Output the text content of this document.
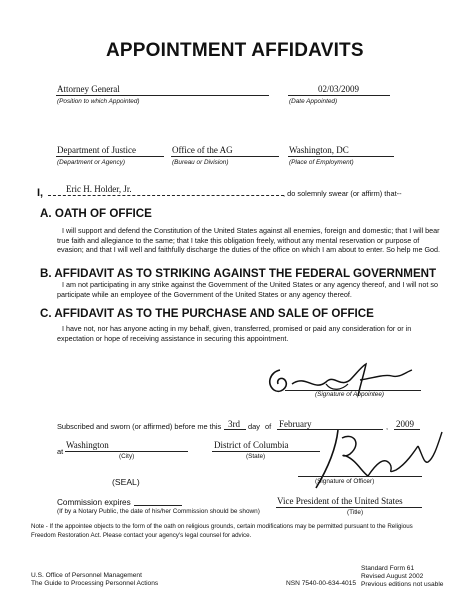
APPOINTMENT AFFIDAVITS
Attorney General
(Position to which Appointed)
02/03/2009
(Date Appointed)
Department of Justice
(Department or Agency)
Office of the AG
(Bureau or Division)
Washington, DC
(Place of Employment)
I,	Eric H. Holder, Jr.	, do solemnly swear (or affirm) that--
A. OATH OF OFFICE
I will support and defend the Constitution of the United States against all enemies, foreign and domestic; that I will bear true faith and allegiance to the same; that I take this obligation freely, without any mental reservation or purpose of evasion; and that I will well and faithfully discharge the duties of the office on which I am about to enter. So help me God.
B. AFFIDAVIT AS TO STRIKING AGAINST THE FEDERAL GOVERNMENT
I am not participating in any strike against the Government of the United States or any agency thereof, and I will not so participate while an employee of the Government of the United States or any agency thereof.
C. AFFIDAVIT AS TO THE PURCHASE AND SALE OF OFFICE
I have not, nor has anyone acting in my behalf, given, transferred, promised or paid any consideration for or in expectation or hope of receiving assistance in securing this appointment.
(Signature of Appointee)
Subscribed and sworn (or affirmed) before me this 3rd day of February	, 2009
at
Washington
(City)
District of Columbia
(State)
(Signature of Officer)
(SEAL)
Commission expires
(If by a Notary Public, the date of his/her Commission should be shown)
Vice President of the United States
(Title)
Note - If the appointee objects to the form of the oath on religious grounds, certain modifications may be permitted pursuant to the Religious Freedom Restoration Act. Please contact your agency's legal counsel for advice.
U.S. Office of Personnel Management
The Guide to Processing Personnel Actions	NSN 7540-00-634-4015
Standard Form 61
Revised August 2002
Previous editions not usable
